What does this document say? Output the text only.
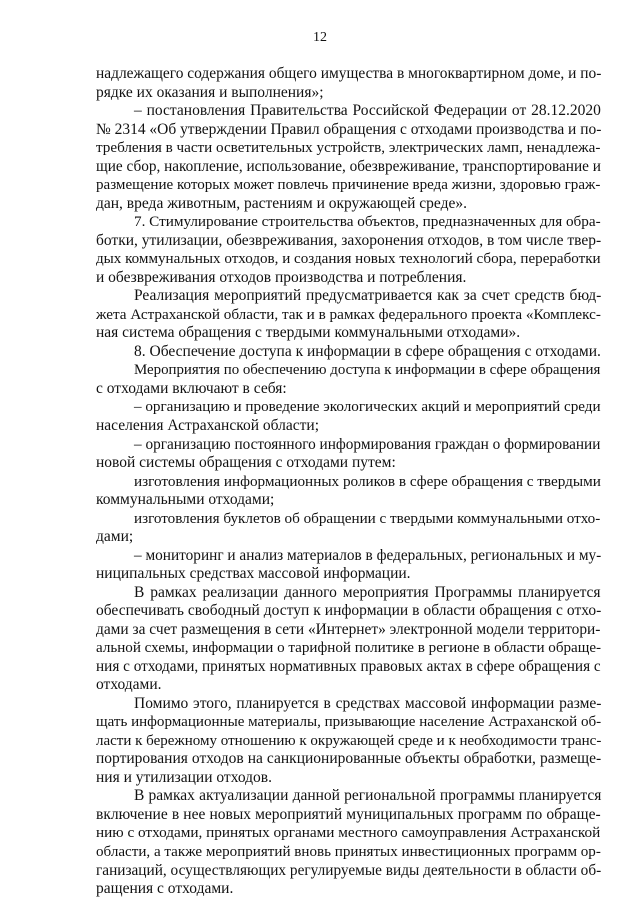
12
надлежащего содержания общего имущества в многоквартирном доме, и по-
рядке их оказания и выполнения»;
– постановления Правительства Российской Федерации от 28.12.2020
№ 2314 «Об утверждении Правил обращения с отходами производства и по-
требления в части осветительных устройств, электрических ламп, ненадлежа-
щие сбор, накопление, использование, обезвреживание, транспортирование и
размещение которых может повлечь причинение вреда жизни, здоровью граж-
дан, вреда животным, растениям и окружающей среде».
7. Стимулирование строительства объектов, предназначенных для обра-
ботки, утилизации, обезвреживания, захоронения отходов, в том числе твер-
дых коммунальных отходов, и создания новых технологий сбора, переработки
и обезвреживания отходов производства и потребления.
Реализация мероприятий предусматривается как за счет средств бюд-
жета Астраханской области, так и в рамках федерального проекта «Комплекс-
ная система обращения с твердыми коммунальными отходами».
8. Обеспечение доступа к информации в сфере обращения с отходами.
Мероприятия по обеспечению доступа к информации в сфере обращения
с отходами включают в себя:
– организацию и проведение экологических акций и мероприятий среди
населения Астраханской области;
– организацию постоянного информирования граждан о формировании
новой системы обращения с отходами путем:
изготовления информационных роликов в сфере обращения с твердыми
коммунальными отходами;
изготовления буклетов об обращении с твердыми коммунальными отхо-
дами;
– мониторинг и анализ материалов в федеральных, региональных и му-
ниципальных средствах массовой информации.
В рамках реализации данного мероприятия Программы планируется
обеспечивать свободный доступ к информации в области обращения с отхо-
дами за счет размещения в сети «Интернет» электронной модели территори-
альной схемы, информации о тарифной политике в регионе в области обраще-
ния с отходами, принятых нормативных правовых актах в сфере обращения с
отходами.
Помимо этого, планируется в средствах массовой информации разме-
щать информационные материалы, призывающие население Астраханской об-
ласти к бережному отношению к окружающей среде и к необходимости транс-
портирования отходов на санкционированные объекты обработки, размеще-
ния и утилизации отходов.
В рамках актуализации данной региональной программы планируется
включение в нее новых мероприятий муниципальных программ по обраще-
нию с отходами, принятых органами местного самоуправления Астраханской
области, а также мероприятий вновь принятых инвестиционных программ ор-
ганизаций, осуществляющих регулируемые виды деятельности в области об-
ращения с отходами.
